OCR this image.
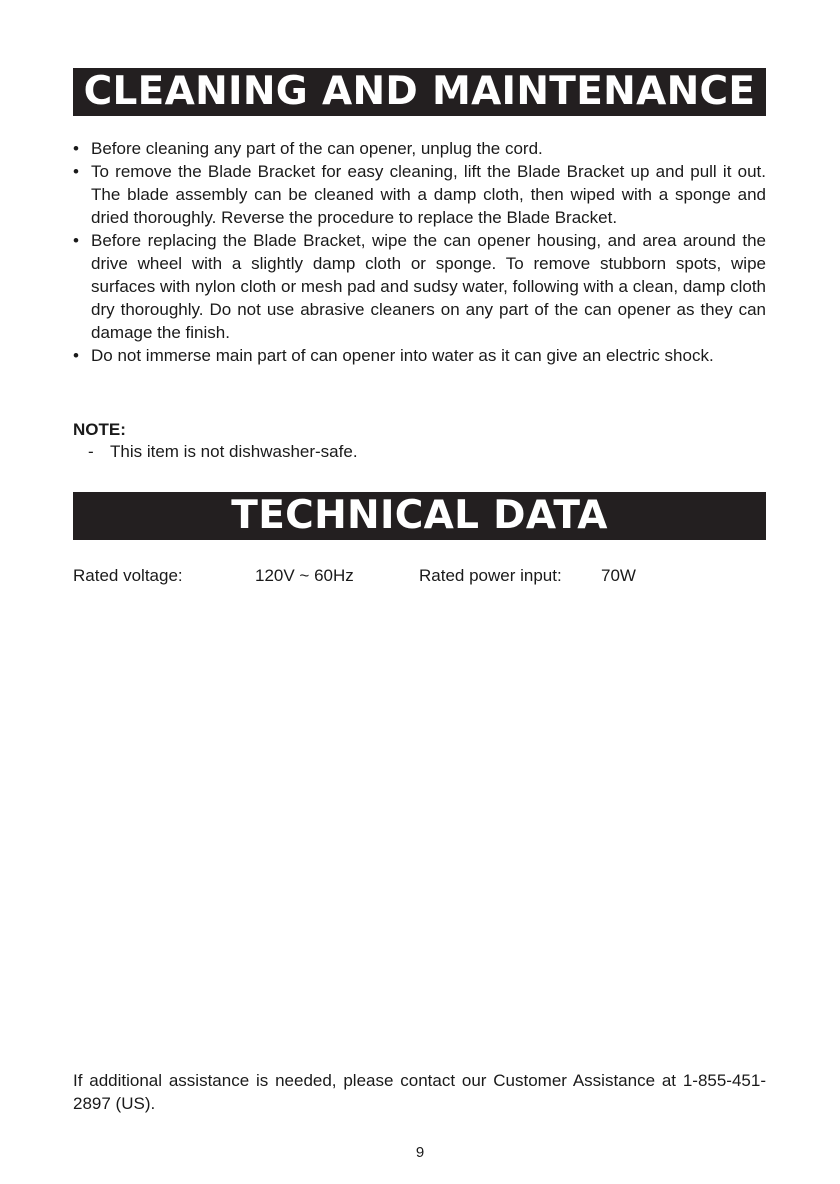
CLEANING AND MAINTENANCE
• Before cleaning any part of the can opener, unplug the cord.
• To remove the Blade Bracket for easy cleaning, lift the Blade Bracket up and pull it out. The blade assembly can be cleaned with a damp cloth, then wiped with a sponge and dried thoroughly. Reverse the procedure to replace the Blade Bracket.
• Before replacing the Blade Bracket, wipe the can opener housing, and area around the drive wheel with a slightly damp cloth or sponge. To remove stubborn spots, wipe surfaces with nylon cloth or mesh pad and sudsy water, following with a clean, damp cloth dry thoroughly. Do not use abrasive cleaners on any part of the can opener as they can damage the finish.
• Do not immerse main part of can opener into water as it can give an electric shock.
NOTE:
- This item is not dishwasher-safe.
TECHNICAL DATA
Rated voltage:	120V ~ 60Hz	Rated power input: 70W
If additional assistance is needed, please contact our Customer Assistance at 1-855-451-2897 (US).
9
